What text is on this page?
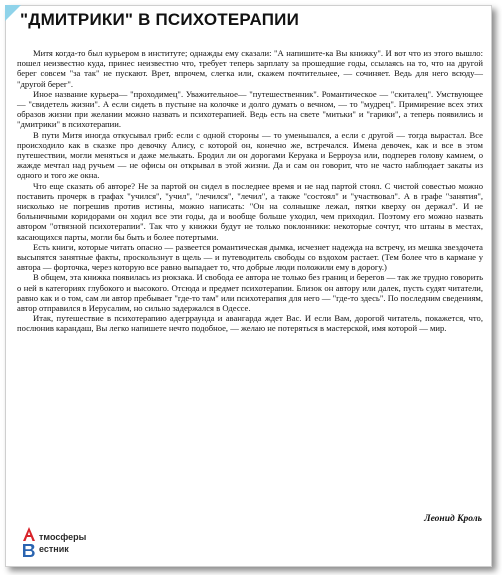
"ДМИТРИКИ" В ПСИХОТЕРАПИИ

Митя когда-то был курьером в институте; однажды ему сказали: "А напишите-ка Вы книжку". И вот что из этого вышло: пошел неизвестно куда, принес неизвестно что, требует теперь зарплату за прошедшие годы, ссылаясь на то, что на другой берег совсем "за так" не пускают. Врет, впрочем, слегка или, скажем почтительнее, — сочиняет. Ведь для него всюду— "другой берег".

Иное название курьера— "проходимец". Уважительное— "путешественник". Романтическое — "скиталец". Умствующее — "свидетель жизни". А если сидеть в пустыне на колочке и долго думать о вечном, — то "мудрец". Примирение всех этих образов жизни при желании можно назвать и психотерапией. Ведь есть на свете "митьки" и "гарики", а теперь появились и "дмитрики" в психотерапии.

В пути Митя иногда откусывал гриб: если с одной стороны — то уменьшался, а если с другой — тогда вырастал. Все происходило как в сказке про девочку Алису, с которой он, конечно же, встречался. Имена девочек, как и все в этом путешествии, могли меняться и даже мелькать. Бродил ли он дорогами Керуака и Берроуза или, подперев голову камнем, о жажде мечтал над ручьем — не офисы он открывал в этой жизни. Да и сам он говорит, что не часто наблюдает закаты из одного и того же окна.

Что еще сказать об авторе? Не за партой он сидел в последнее время и не над партой стоял. С чистой совестью можно поставить прочерк в графах "учился", "учил", "лечился", "лечил", а также "состоял" и "участвовал". А в графе "занятия", нисколько не погрешив против истины, можно написать: "Он на солнышке лежал, пятки кверху он держал". И не больничными коридорами он ходил все эти годы, да и вообще больше уходил, чем приходил. Поэтому его можно назвать автором "отвязной психотерапии". Так что у книжки будут не только поклонники: некоторые сочтут, что штаны в местах, касающихся парты, могли бы быть и более потертыми.

Есть книги, которые читать опасно — развеется романтическая дымка, исчезнет надежда на встречу, из мешка звездочета высыпятся занятные факты, проскользнут в щель — и путеводитель свободы со вздохом растает. (Тем более что в кармане у автора — форточка, через которую все равно выпадает то, что добрые люди положили ему в дорогу.)

В общем, эта книжка появилась из рюкзака. И свобода ее автора не только без границ и берегов — так же трудно говорить о ней в категориях глубокого и высокого. Отсюда и предмет психотерапии. Близок он автору или далек, пусть судят читатели, равно как и о том, сам ли автор пребывает "где-то там" или психотерапия для него — "где-то здесь". По последним сведениям, автор отправился в Иерусалим, но сильно задержался в Одессе.

Итак, путешествие в психотерапию адегрраунда и авангарда ждет Вас. И если Вам, дорогой читатель, покажется, что, послюнив карандаш, Вы легко напишете нечто подобное, — желаю не потеряться в мастерской, имя которой — мир.

Леонид Кроль
тмосферы
естник
